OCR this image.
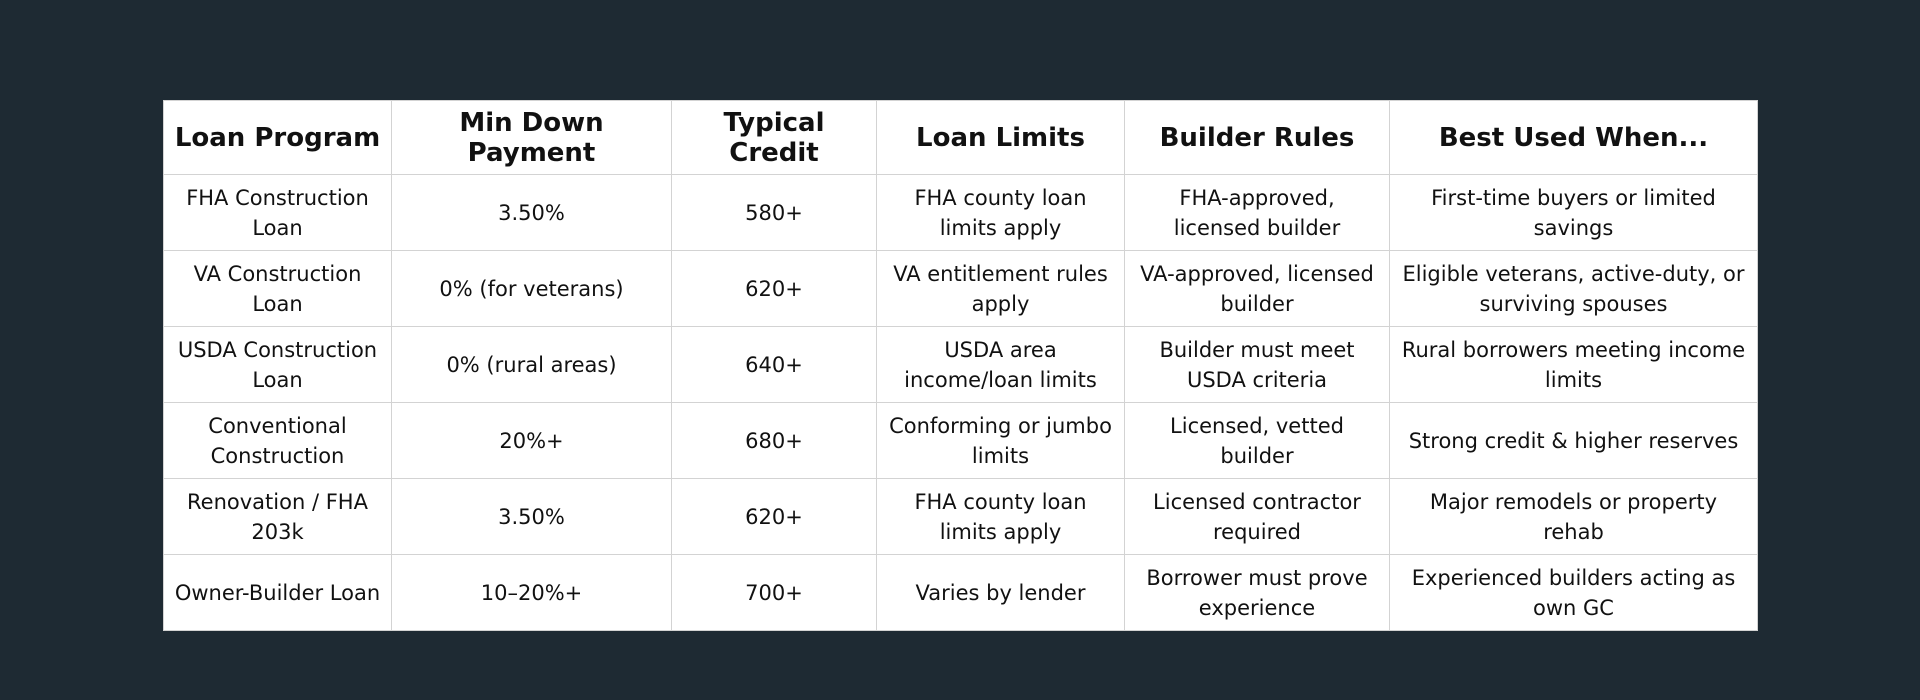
Loan Program	Min Down Payment	Typical Credit	Loan Limits	Builder Rules	Best Used When...
FHA Construction Loan	3.50%	580+	FHA county loan limits apply	FHA-approved, licensed builder	First-time buyers or limited savings
VA Construction Loan	0% (for veterans)	620+	VA entitlement rules apply	VA-approved, licensed builder	Eligible veterans, active-duty, or surviving spouses
USDA Construction Loan	0% (rural areas)	640+	USDA area income/loan limits	Builder must meet USDA criteria	Rural borrowers meeting income limits
Conventional Construction	20%+	680+	Conforming or jumbo limits	Licensed, vetted builder	Strong credit & higher reserves
Renovation / FHA 203k	3.50%	620+	FHA county loan limits apply	Licensed contractor required	Major remodels or property rehab
Owner-Builder Loan	10–20%+	700+	Varies by lender	Borrower must prove experience	Experienced builders acting as own GC
